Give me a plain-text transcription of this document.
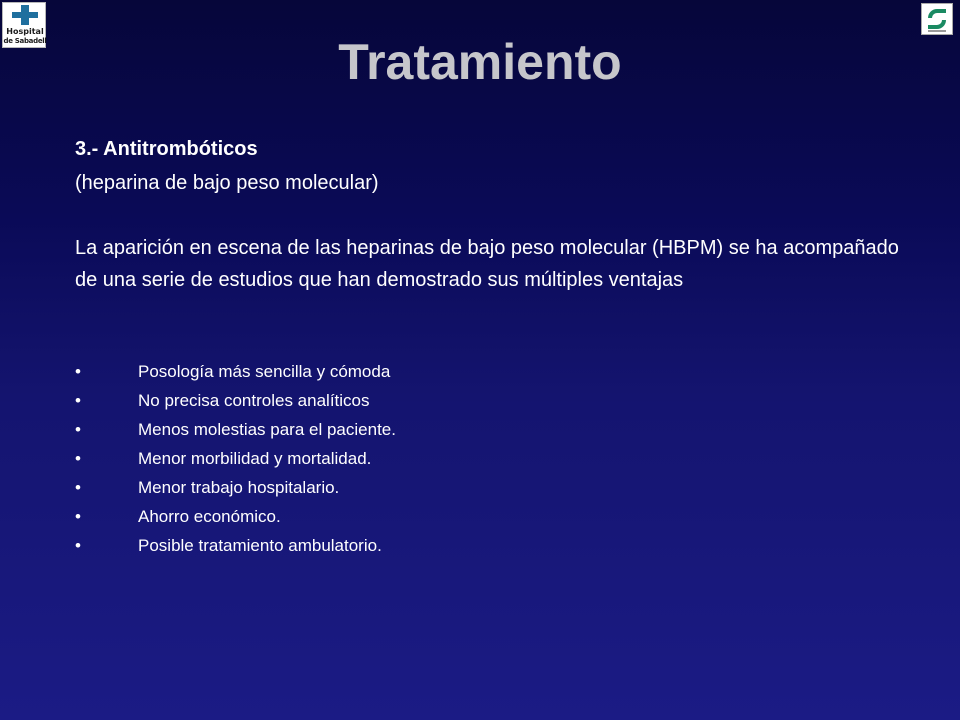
Hospital
de Sabadell	Tratamiento
3.- Antitrombóticos
(heparina de bajo peso molecular)

La aparición en escena de las heparinas de bajo peso molecular (HBPM) se ha acompañado de una serie de estudios que han demostrado sus múltiples ventajas

•	Posología más sencilla y cómoda
•	No precisa controles analíticos
•	Menos molestias para el paciente.
•	Menor morbilidad y mortalidad.
•	Menor trabajo hospitalario.
•	Ahorro económico.
•	Posible tratamiento ambulatorio.
